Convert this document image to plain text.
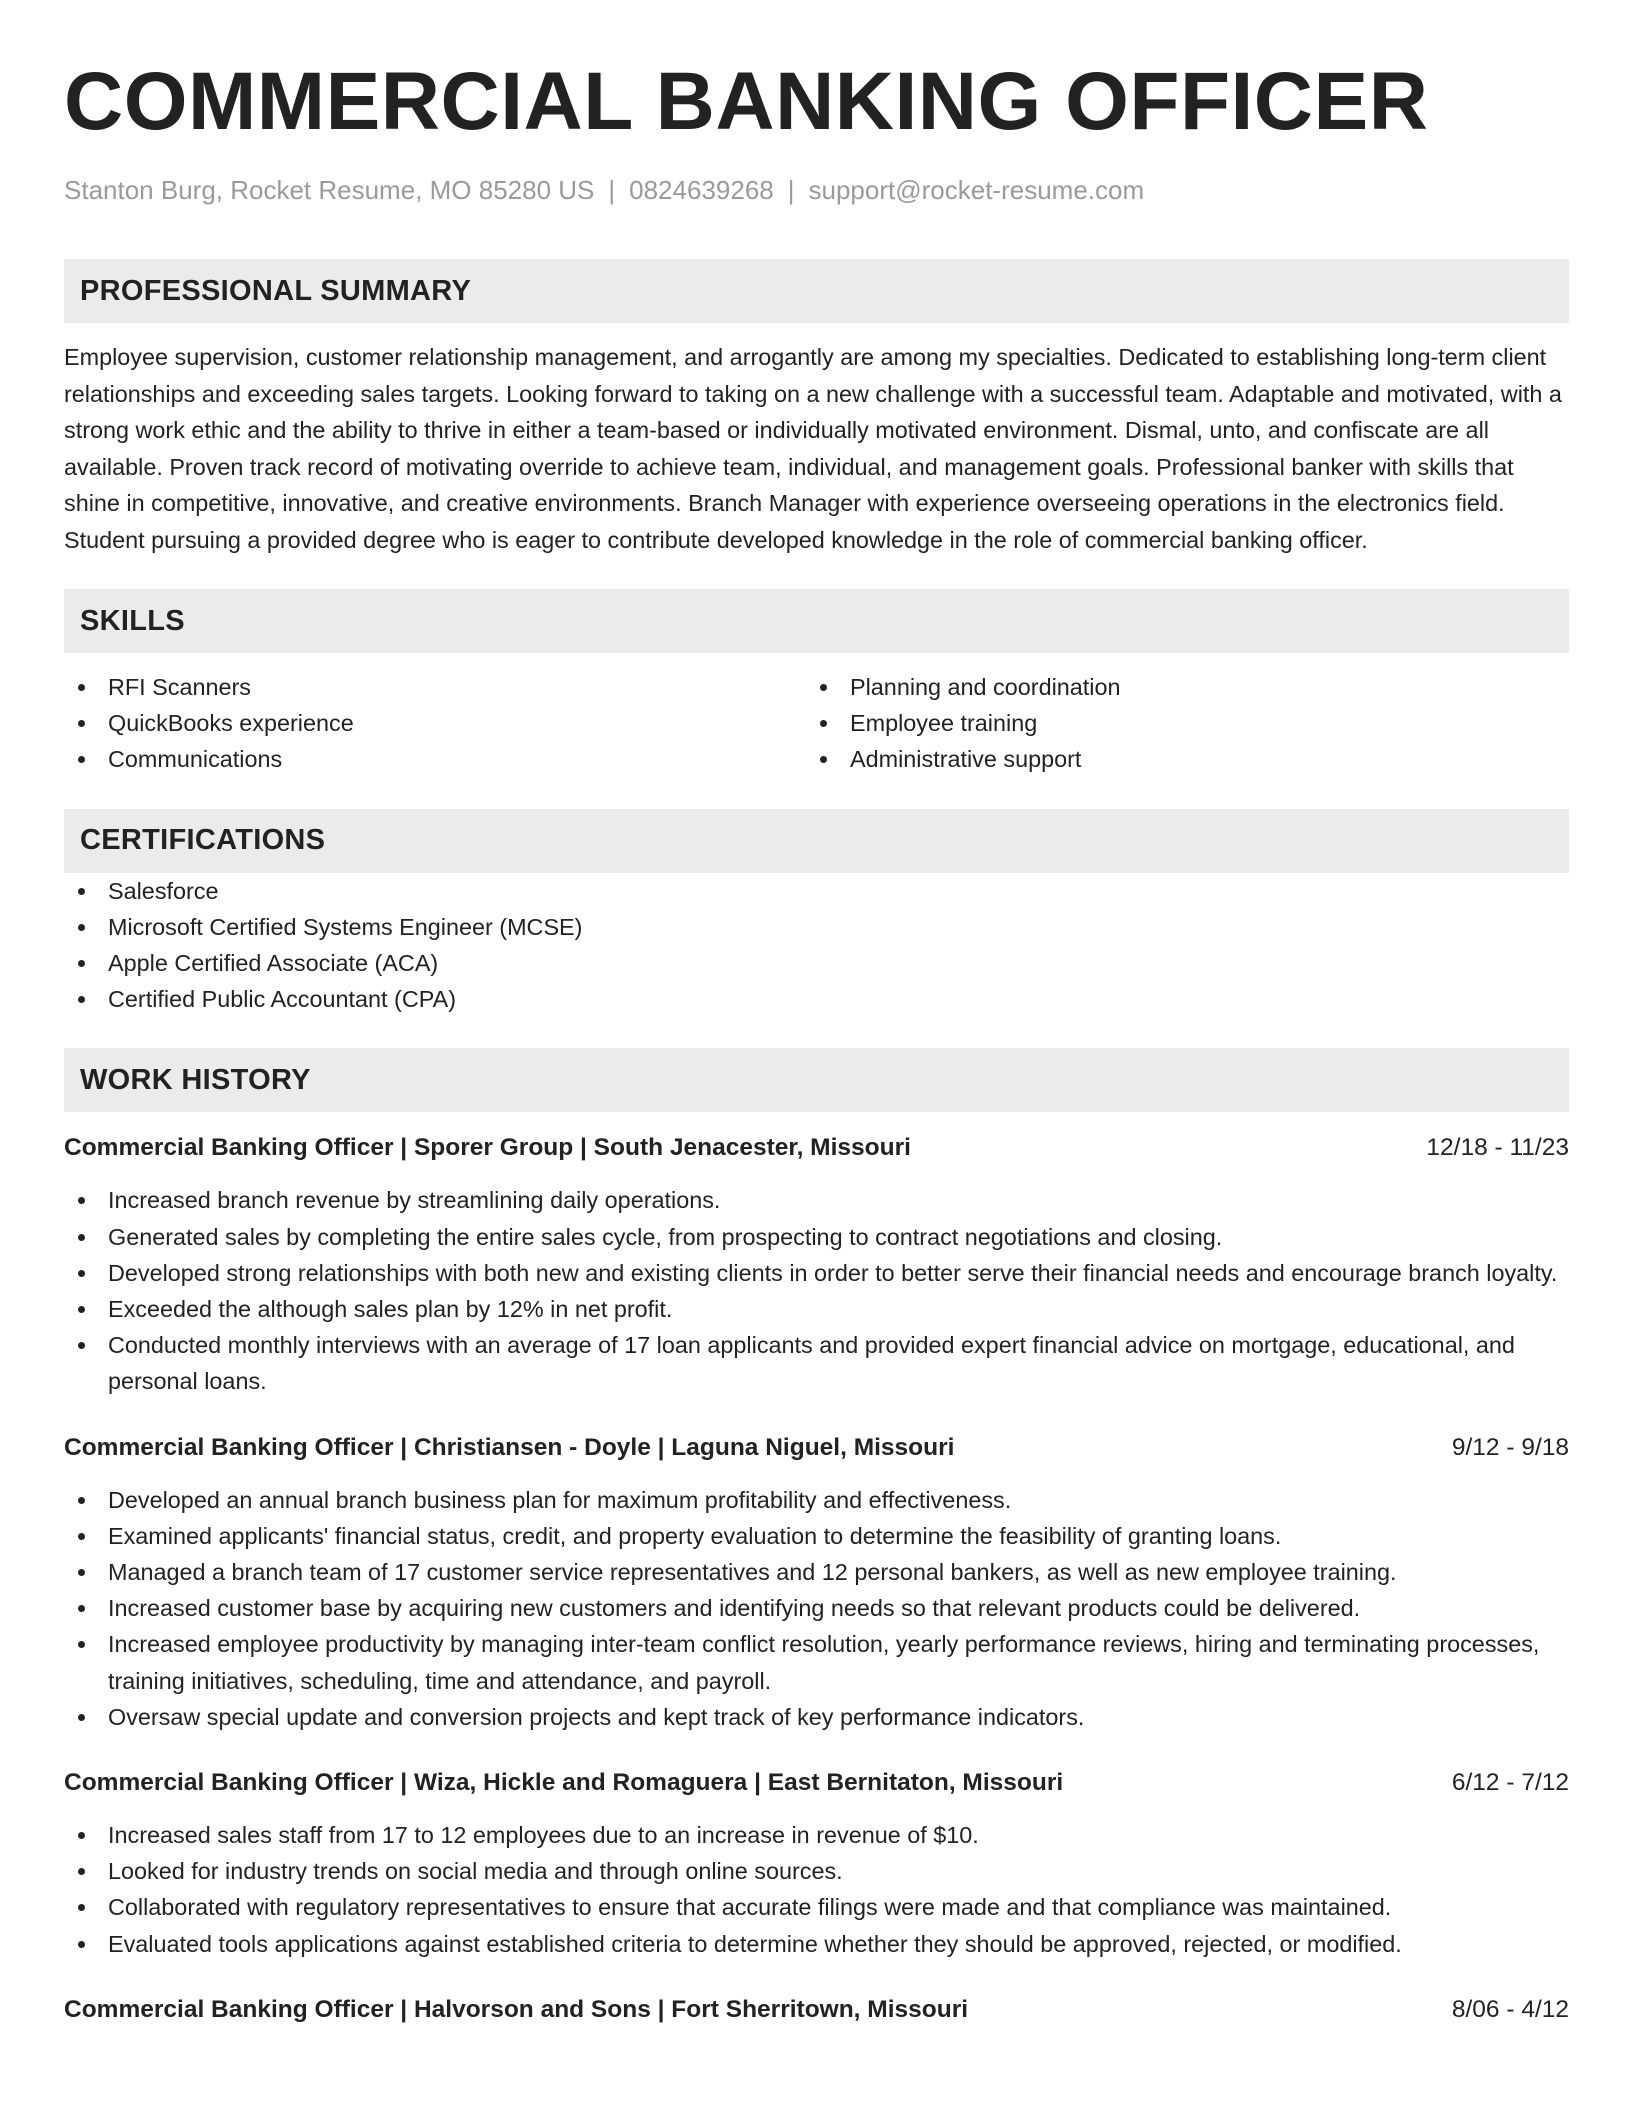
COMMERCIAL BANKING OFFICER
Stanton Burg, Rocket Resume, MO 85280 US | 0824639268 | support@rocket-resume.com
PROFESSIONAL SUMMARY
Employee supervision, customer relationship management, and arrogantly are among my specialties. Dedicated to establishing long-term client relationships and exceeding sales targets. Looking forward to taking on a new challenge with a successful team. Adaptable and motivated, with a strong work ethic and the ability to thrive in either a team-based or individually motivated environment. Dismal, unto, and confiscate are all available. Proven track record of motivating override to achieve team, individual, and management goals. Professional banker with skills that shine in competitive, innovative, and creative environments. Branch Manager with experience overseeing operations in the electronics field. Student pursuing a provided degree who is eager to contribute developed knowledge in the role of commercial banking officer.
SKILLS
RFI Scanners
QuickBooks experience
Communications
Planning and coordination
Employee training
Administrative support
CERTIFICATIONS
Salesforce
Microsoft Certified Systems Engineer (MCSE)
Apple Certified Associate (ACA)
Certified Public Accountant (CPA)
WORK HISTORY
Commercial Banking Officer | Sporer Group | South Jenacester, Missouri	12/18 - 11/23
Increased branch revenue by streamlining daily operations.
Generated sales by completing the entire sales cycle, from prospecting to contract negotiations and closing.
Developed strong relationships with both new and existing clients in order to better serve their financial needs and encourage branch loyalty.
Exceeded the although sales plan by 12% in net profit.
Conducted monthly interviews with an average of 17 loan applicants and provided expert financial advice on mortgage, educational, and personal loans.
Commercial Banking Officer | Christiansen - Doyle | Laguna Niguel, Missouri	9/12 - 9/18
Developed an annual branch business plan for maximum profitability and effectiveness.
Examined applicants' financial status, credit, and property evaluation to determine the feasibility of granting loans.
Managed a branch team of 17 customer service representatives and 12 personal bankers, as well as new employee training.
Increased customer base by acquiring new customers and identifying needs so that relevant products could be delivered.
Increased employee productivity by managing inter-team conflict resolution, yearly performance reviews, hiring and terminating processes, training initiatives, scheduling, time and attendance, and payroll.
Oversaw special update and conversion projects and kept track of key performance indicators.
Commercial Banking Officer | Wiza, Hickle and Romaguera | East Bernitaton, Missouri	6/12 - 7/12
Increased sales staff from 17 to 12 employees due to an increase in revenue of $10.
Looked for industry trends on social media and through online sources.
Collaborated with regulatory representatives to ensure that accurate filings were made and that compliance was maintained.
Evaluated tools applications against established criteria to determine whether they should be approved, rejected, or modified.
Commercial Banking Officer | Halvorson and Sons | Fort Sherritown, Missouri	8/06 - 4/12
